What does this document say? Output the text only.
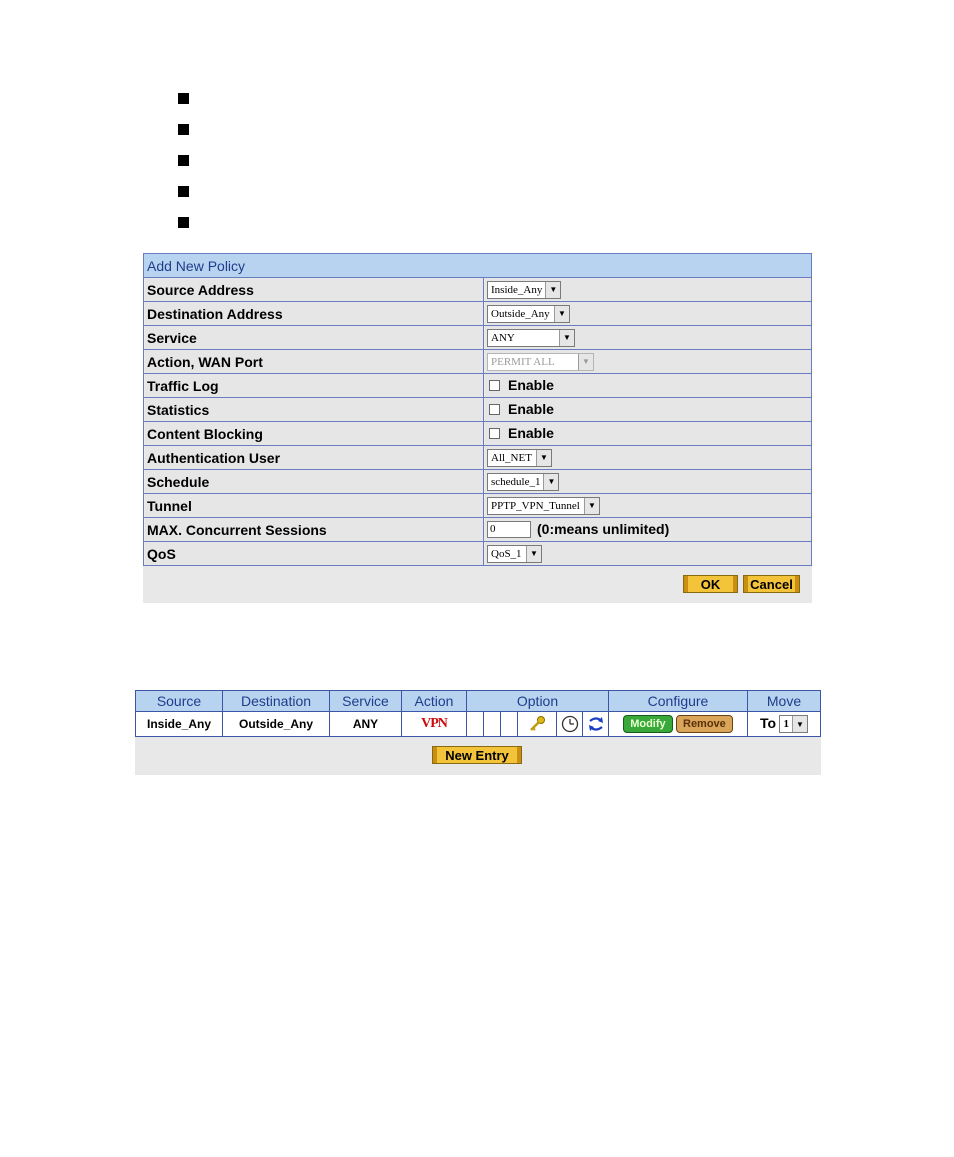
Add New Policy	
Source Address	Inside_Any ▼

Destination Address	Outside_Any ▼

Service	ANY ▼

Action, WAN Port	PERMIT ALL ▼

Traffic Log	Enable

Statistics	Enable

Content Blocking	Enable

Authentication User	All_NET ▼

Schedule	schedule_1 ▼

Tunnel	PPTP_VPN_Tunnel ▼

MAX. Concurrent Sessions	0 (0:means unlimited)
QoS	QoS_1 ▼
OK	Cancel
Source	Destination	Service	Action	Option	Configure	Move
Inside_Any	Outside_Any	ANY	VPN		Modify Remove	To 1 ▼
New Entry
